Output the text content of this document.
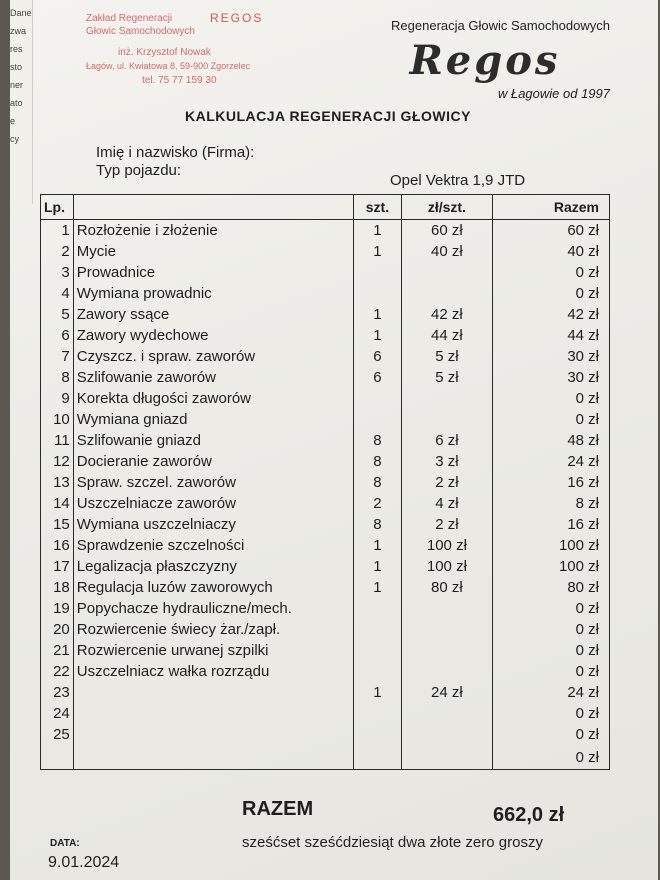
Dane
zwa
res
sto
ner
ato
e
cy
Zakład Regeneracji Głowic Samochodowych
REGOS
inż. Krzysztof Nowak
Łagów, ul. Kwiatowa 8, 59-900 Zgorzelec
tel. 75 77 159 30
Regeneracja Głowic Samochodowych
Regos
w Łagowie od 1997
KALKULACJA REGENERACJI GŁOWICY
Imię i nazwisko (Firma):
Typ pojazdu:
Opel Vektra 1,9 JTD
Lp.		szt.	zł/szt.	Razem
1	Rozłożenie i złożenie	1	60 zł	60 zł
2	Mycie	1	40 zł	40 zł
3	Prowadnice			0 zł
4	Wymiana prowadnic			0 zł
5	Zawory ssące	1	42 zł	42 zł
6	Zawory wydechowe	1	44 zł	44 zł
7	Czyszcz. i spraw. zaworów	6	5 zł	30 zł
8	Szlifowanie zaworów	6	5 zł	30 zł
9	Korekta długości zaworów			0 zł
10	Wymiana gniazd			0 zł
11	Szlifowanie gniazd	8	6 zł	48 zł
12	Docieranie zaworów	8	3 zł	24 zł
13	Spraw. szczel. zaworów	8	2 zł	16 zł
14	Uszczelniacze zaworów	2	4 zł	8 zł
15	Wymiana uszczelniaczy	8	2 zł	16 zł
16	Sprawdzenie szczelności	1	100 zł	100 zł
17	Legalizacja płaszczyzny	1	100 zł	100 zł
18	Regulacja luzów zaworowych	1	80 zł	80 zł
19	Popychacze hydrauliczne/mech.			0 zł
20	Rozwiercenie świecy żar./zapł.			0 zł
21	Rozwiercenie urwanej szpilki			0 zł
22	Uszczelniacz wałka rozrządu			0 zł
23		1	24 zł	24 zł
24				0 zł
25				0 zł
				0 zł
RAZEM	662,0 zł
sześćset sześćdziesiąt dwa złote zero groszy
DATA:
9.01.2024
